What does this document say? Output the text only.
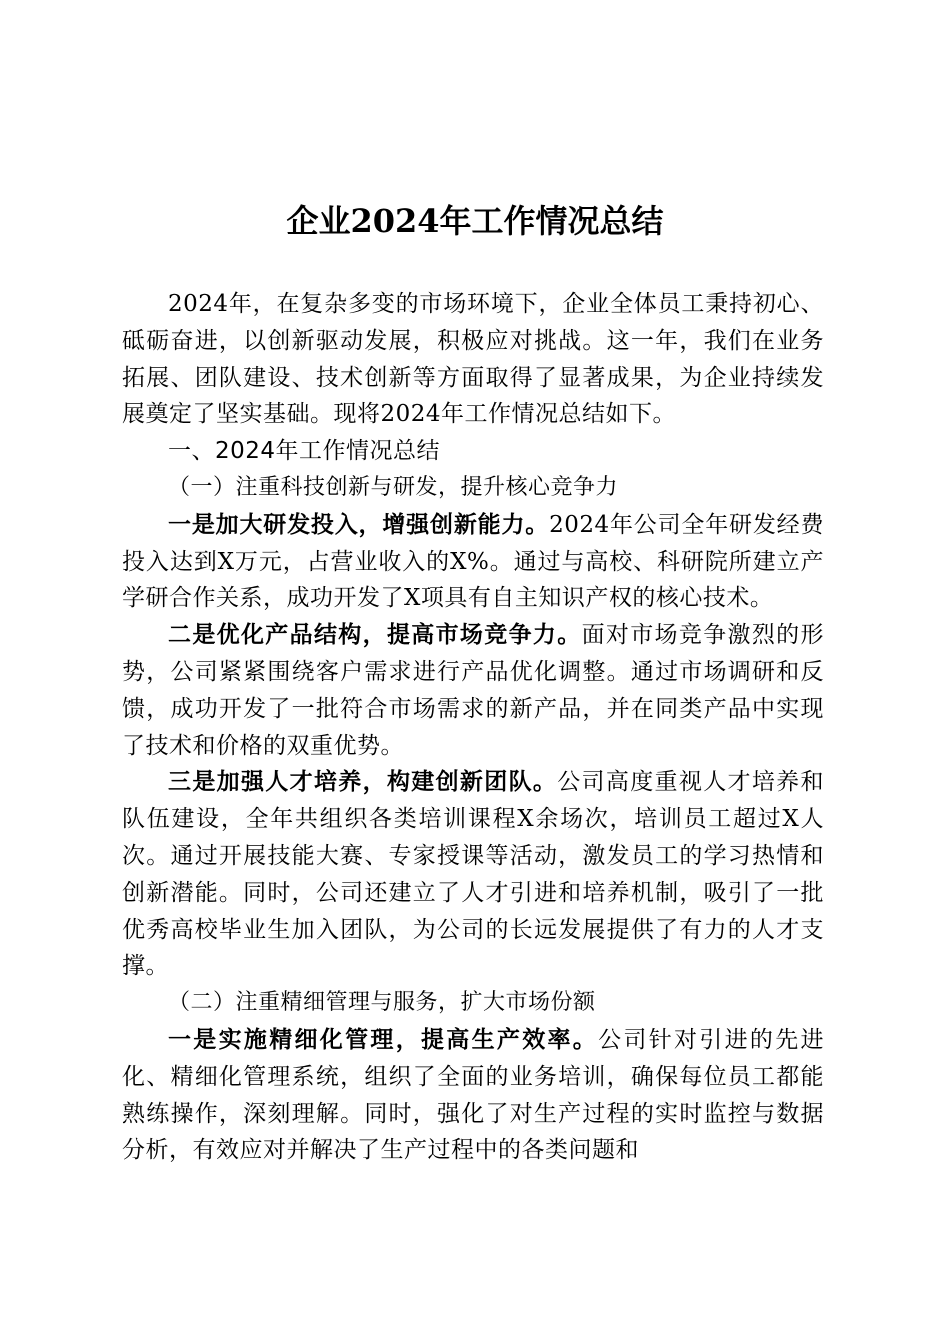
企业2024年工作情况总结

2024年，在复杂多变的市场环境下，企业全体员工秉持初心、砥砺奋进，以创新驱动发展，积极应对挑战。这一年，我们在业务拓展、团队建设、技术创新等方面取得了显著成果，为企业持续发展奠定了坚实基础。现将2024年工作情况总结如下。

一、2024年工作情况总结

（一）注重科技创新与研发，提升核心竞争力

一是加大研发投入，增强创新能力。2024年公司全年研发经费投入达到X万元，占营业收入的X%。通过与高校、科研院所建立产学研合作关系，成功开发了X项具有自主知识产权的核心技术。

二是优化产品结构，提高市场竞争力。面对市场竞争激烈的形势，公司紧紧围绕客户需求进行产品优化调整。通过市场调研和反馈，成功开发了一批符合市场需求的新产品，并在同类产品中实现了技术和价格的双重优势。

三是加强人才培养，构建创新团队。公司高度重视人才培养和队伍建设，全年共组织各类培训课程X余场次，培训员工超过X人次。通过开展技能大赛、专家授课等活动，激发员工的学习热情和创新潜能。同时，公司还建立了人才引进和培养机制，吸引了一批优秀高校毕业生加入团队，为公司的长远发展提供了有力的人才支撑。

（二）注重精细管理与服务，扩大市场份额

一是实施精细化管理，提高生产效率。公司针对引进的先进化、精细化管理系统，组织了全面的业务培训，确保每位员工都能熟练操作，深刻理解。同时，强化了对生产过程的实时监控与数据分析，有效应对并解决了生产过程中的各类问题和
